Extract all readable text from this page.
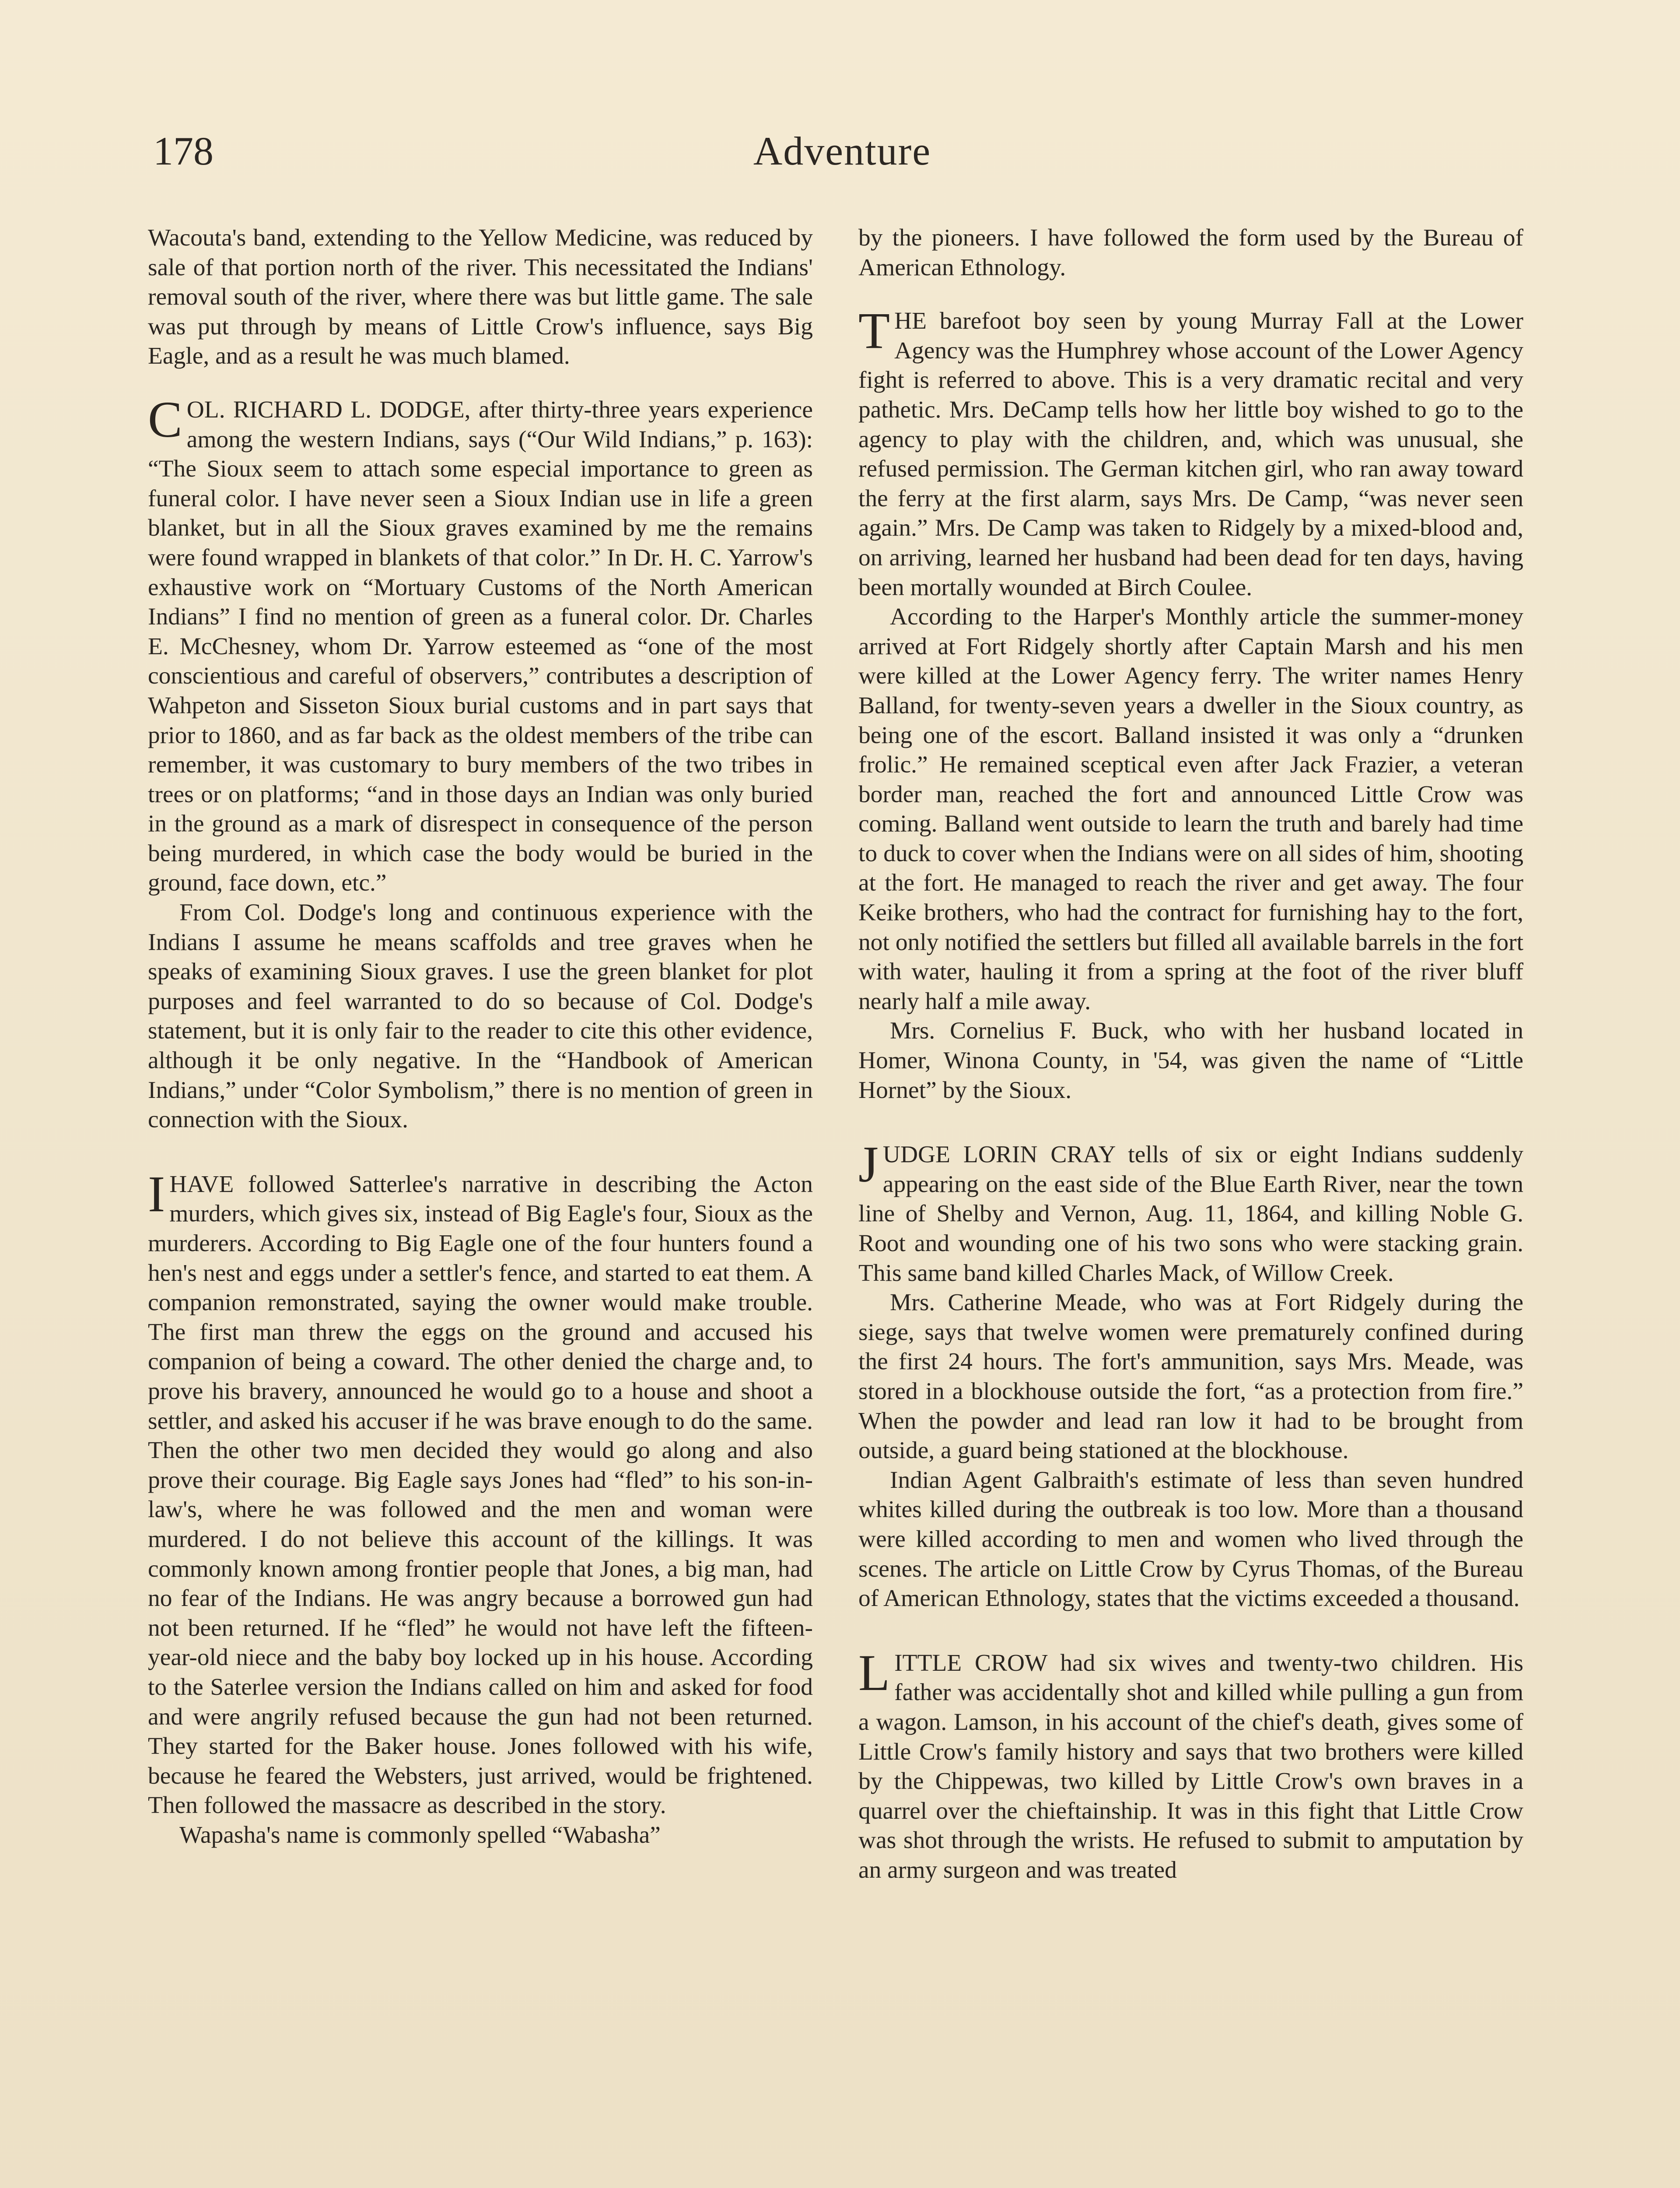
178	Adventure

Wacouta's band, extending to the Yellow Medicine, was reduced by sale of that portion north of the river. This necessitated the Indians' removal south of the river, where there was but little game. The sale was put through by means of Little Crow's influence, says Big Eagle, and as a result he was much blamed.

COL. RICHARD L. DODGE, after thirty-three years experience among the western Indians, says (“Our Wild Indians,” p. 163): “The Sioux seem to attach some especial importance to green as funeral color. I have never seen a Sioux Indian use in life a green blanket, but in all the Sioux graves examined by me the remains were found wrapped in blankets of that color.” In Dr. H. C. Yarrow's exhaustive work on “Mortuary Customs of the North American Indians” I find no mention of green as a funeral color. Dr. Charles E. McChesney, whom Dr. Yarrow esteemed as “one of the most conscientious and careful of observers,” contributes a description of Wahpeton and Sisseton Sioux burial customs and in part says that prior to 1860, and as far back as the oldest members of the tribe can remember, it was customary to bury members of the two tribes in trees or on platforms; “and in those days an Indian was only buried in the ground as a mark of disrespect in consequence of the person being murdered, in which case the body would be buried in the ground, face down, etc.”

From Col. Dodge's long and continuous experience with the Indians I assume he means scaffolds and tree graves when he speaks of examining Sioux graves. I use the green blanket for plot purposes and feel warranted to do so because of Col. Dodge's statement, but it is only fair to the reader to cite this other evidence, although it be only negative. In the “Handbook of American Indians,” under “Color Symbolism,” there is no mention of green in connection with the Sioux.

IHAVE followed Satterlee's narrative in describing the Acton murders, which gives six, instead of Big Eagle's four, Sioux as the murderers. According to Big Eagle one of the four hunters found a hen's nest and eggs under a settler's fence, and started to eat them. A companion remonstrated, saying the owner would make trouble. The first man threw the eggs on the ground and accused his companion of being a coward. The other denied the charge and, to prove his bravery, announced he would go to a house and shoot a settler, and asked his accuser if he was brave enough to do the same. Then the other two men decided they would go along and also prove their courage. Big Eagle says Jones had “fled” to his son-in-law's, where he was followed and the men and woman were murdered. I do not believe this account of the killings. It was commonly known among frontier people that Jones, a big man, had no fear of the Indians. He was angry because a borrowed gun had not been returned. If he “fled” he would not have left the fifteen-year-old niece and the baby boy locked up in his house. According to the Saterlee version the Indians called on him and asked for food and were angrily refused because the gun had not been returned. They started for the Baker house. Jones followed with his wife, because he feared the Websters, just arrived, would be frightened. Then followed the massacre as described in the story.

Wapasha's name is commonly spelled “Wabasha”

by the pioneers. I have followed the form used by the Bureau of American Ethnology.

THE barefoot boy seen by young Murray Fall at the Lower Agency was the Humphrey whose account of the Lower Agency fight is referred to above. This is a very dramatic recital and very pathetic. Mrs. DeCamp tells how her little boy wished to go to the agency to play with the children, and, which was unusual, she refused permission. The German kitchen girl, who ran away toward the ferry at the first alarm, says Mrs. De Camp, “was never seen again.” Mrs. De Camp was taken to Ridgely by a mixed-blood and, on arriving, learned her husband had been dead for ten days, having been mortally wounded at Birch Coulee.

According to the Harper's Monthly article the summer-money arrived at Fort Ridgely shortly after Captain Marsh and his men were killed at the Lower Agency ferry. The writer names Henry Balland, for twenty-seven years a dweller in the Sioux country, as being one of the escort. Balland insisted it was only a “drunken frolic.” He remained sceptical even after Jack Frazier, a veteran border man, reached the fort and announced Little Crow was coming. Balland went outside to learn the truth and barely had time to duck to cover when the Indians were on all sides of him, shooting at the fort. He managed to reach the river and get away. The four Keike brothers, who had the contract for furnishing hay to the fort, not only notified the settlers but filled all available barrels in the fort with water, hauling it from a spring at the foot of the river bluff nearly half a mile away.

Mrs. Cornelius F. Buck, who with her husband located in Homer, Winona County, in '54, was given the name of “Little Hornet” by the Sioux.

JUDGE LORIN CRAY tells of six or eight Indians suddenly appearing on the east side of the Blue Earth River, near the town line of Shelby and Vernon, Aug. 11, 1864, and killing Noble G. Root and wounding one of his two sons who were stacking grain. This same band killed Charles Mack, of Willow Creek.

Mrs. Catherine Meade, who was at Fort Ridgely during the siege, says that twelve women were prematurely confined during the first 24 hours. The fort's ammunition, says Mrs. Meade, was stored in a blockhouse outside the fort, “as a protection from fire.” When the powder and lead ran low it had to be brought from outside, a guard being stationed at the blockhouse.

Indian Agent Galbraith's estimate of less than seven hundred whites killed during the outbreak is too low. More than a thousand were killed according to men and women who lived through the scenes. The article on Little Crow by Cyrus Thomas, of the Bureau of American Ethnology, states that the victims exceeded a thousand.

LITTLE CROW had six wives and twenty-two children. His father was accidentally shot and killed while pulling a gun from a wagon. Lamson, in his account of the chief's death, gives some of Little Crow's family history and says that two brothers were killed by the Chippewas, two killed by Little Crow's own braves in a quarrel over the chieftainship. It was in this fight that Little Crow was shot through the wrists. He refused to submit to amputation by an army surgeon and was treated
